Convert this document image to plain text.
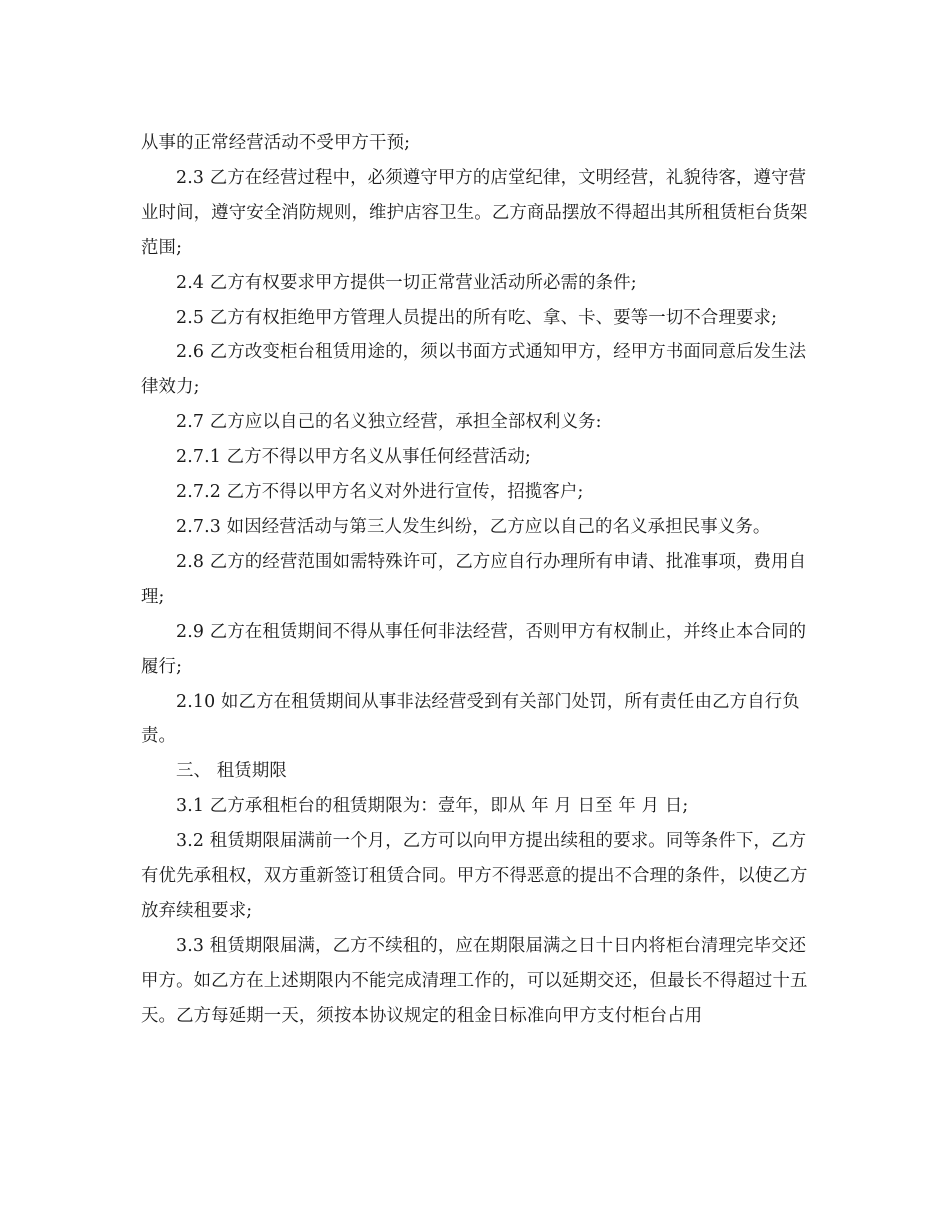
从事的正常经营活动不受甲方干预;

2.3 乙方在经营过程中，必须遵守甲方的店堂纪律，文明经营，礼貌待客，遵守营业时间，遵守安全消防规则，维护店容卫生。乙方商品摆放不得超出其所租赁柜台货架范围;

2.4 乙方有权要求甲方提供一切正常营业活动所必需的条件;

2.5 乙方有权拒绝甲方管理人员提出的所有吃、拿、卡、要等一切不合理要求;

2.6 乙方改变柜台租赁用途的，须以书面方式通知甲方，经甲方书面同意后发生法律效力;

2.7 乙方应以自己的名义独立经营，承担全部权利义务:

2.7.1 乙方不得以甲方名义从事任何经营活动;

2.7.2 乙方不得以甲方名义对外进行宣传，招揽客户;

2.7.3 如因经营活动与第三人发生纠纷，乙方应以自己的名义承担民事义务。

2.8 乙方的经营范围如需特殊许可，乙方应自行办理所有申请、批准事项，费用自理;

2.9 乙方在租赁期间不得从事任何非法经营，否则甲方有权制止，并终止本合同的履行;

2.10 如乙方在租赁期间从事非法经营受到有关部门处罚，所有责任由乙方自行负责。

三、 租赁期限

3.1 乙方承租柜台的租赁期限为：壹年，即从 年 月 日至 年 月 日;

3.2 租赁期限届满前一个月，乙方可以向甲方提出续租的要求。同等条件下，乙方有优先承租权，双方重新签订租赁合同。甲方不得恶意的提出不合理的条件，以使乙方放弃续租要求;

3.3 租赁期限届满，乙方不续租的，应在期限届满之日十日内将柜台清理完毕交还甲方。如乙方在上述期限内不能完成清理工作的，可以延期交还，但最长不得超过十五天。乙方每延期一天，须按本协议规定的租金日标准向甲方支付柜台占用
